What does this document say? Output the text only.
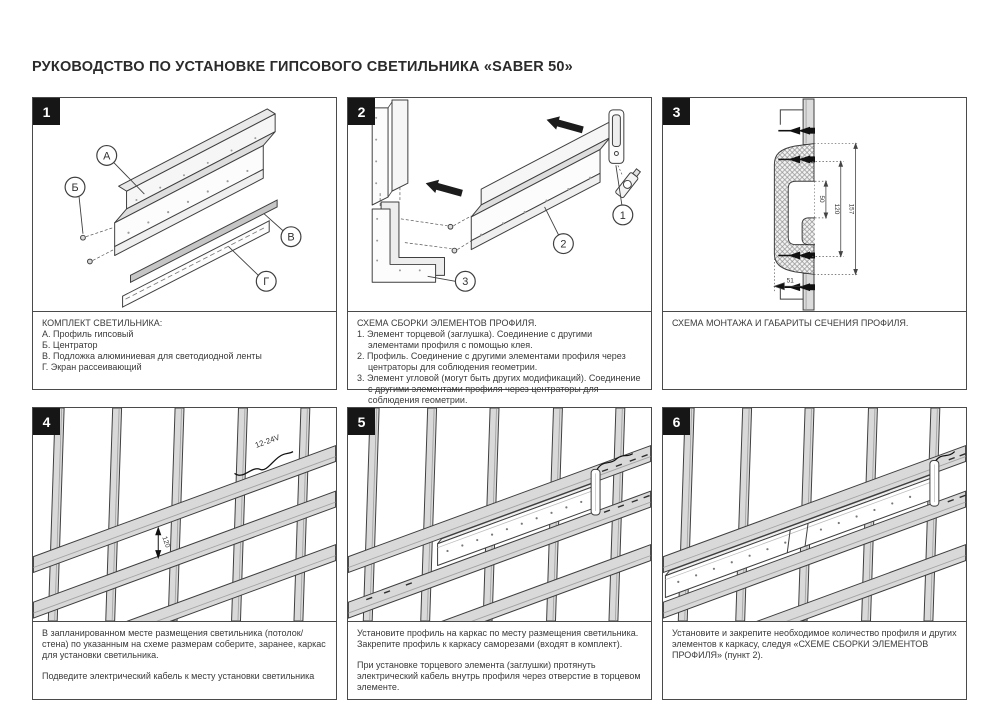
РУКОВОДСТВО ПО УСТАНОВКЕ ГИПСОВОГО СВЕТИЛЬНИКА «SABER 50»
1
А
Б
В
Г
КОМПЛЕКТ СВЕТИЛЬНИКА:
А. Профиль гипсовый
Б. Центратор
В. Подложка алюминиевая для светодиодной ленты
Г. Экран рассеивающий
2
1
2
3
СХЕМА СБОРКИ ЭЛЕМЕНТОВ ПРОФИЛЯ.
1. Элемент торцевой (заглушка). Соединение с другими элементами профиля с помощью клея.
2. Профиль. Соединение с другими элементами профиля через центраторы для соблюдения геометрии.
3. Элемент угловой (могут быть других модификаций). Соединение с другими элементами профиля через центраторы для соблюдения геометрии.
3
50
120 157
51
СХЕМА МОНТАЖА И ГАБАРИТЫ СЕЧЕНИЯ ПРОФИЛЯ.
4
120
12-24V

В запланированном месте размещения светильника (потолок/стена) по указанным на схеме размерам соберите, заранее, каркас для установки светильника.

Подведите электрический кабель к месту установки светильника

5

Установите профиль на каркас по месту размещения светильника. Закрепите профиль к каркасу саморезами (входят в комплект).

При установке торцевого элемента (заглушки) протянуть электрический кабель внутрь профиля через отверстие в торцевом элементе.

6

Установите и закрепите необходимое количество профиля и других элементов к каркасу, следуя «СХЕМЕ СБОРКИ ЭЛЕМЕНТОВ ПРОФИЛЯ» (пункт 2).
